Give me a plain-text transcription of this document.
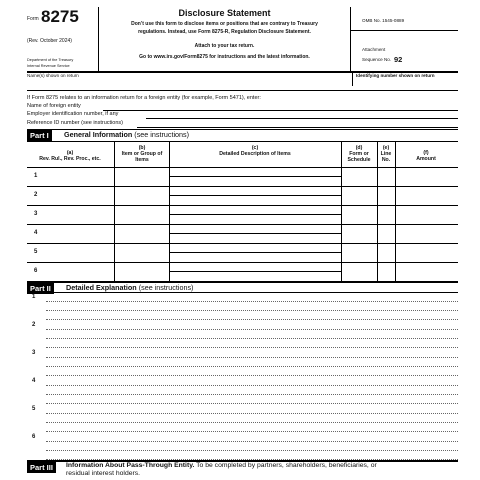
Form 8275
(Rev. October 2024)
Department of the Treasury
Internal Revenue Service
Disclosure Statement
Don’t use this form to disclose items or positions that are contrary to Treasury
regulations. Instead, use Form 8275-R, Regulation Disclosure Statement.
Attach to your tax return.
Go to www.irs.gov/Form8275 for instructions and the latest information.
OMB No. 1545-0889
Attachment
Sequence No. 92
Name(s) shown on return	Identifying number shown on return
If Form 8275 relates to an information return for a foreign entity (for example, Form 5471), enter:
Name of foreign entity
Employer identification number, if any
Reference ID number (see instructions)
Part I	General Information (see instructions)
(a)
Rev. Rul., Rev. Proc., etc.
(b)
Item or Group of Items
(c)
Detailed Description of Items
(d)
Form or Schedule
(e)
Line No.
(f)
Amount
1
2
3
4
5
6
Part II	Detailed Explanation (see instructions)
1
2
3
4
5
6
Part III	Information About Pass-Through Entity. To be completed by partners, shareholders, beneficiaries, or
residual interest holders.
